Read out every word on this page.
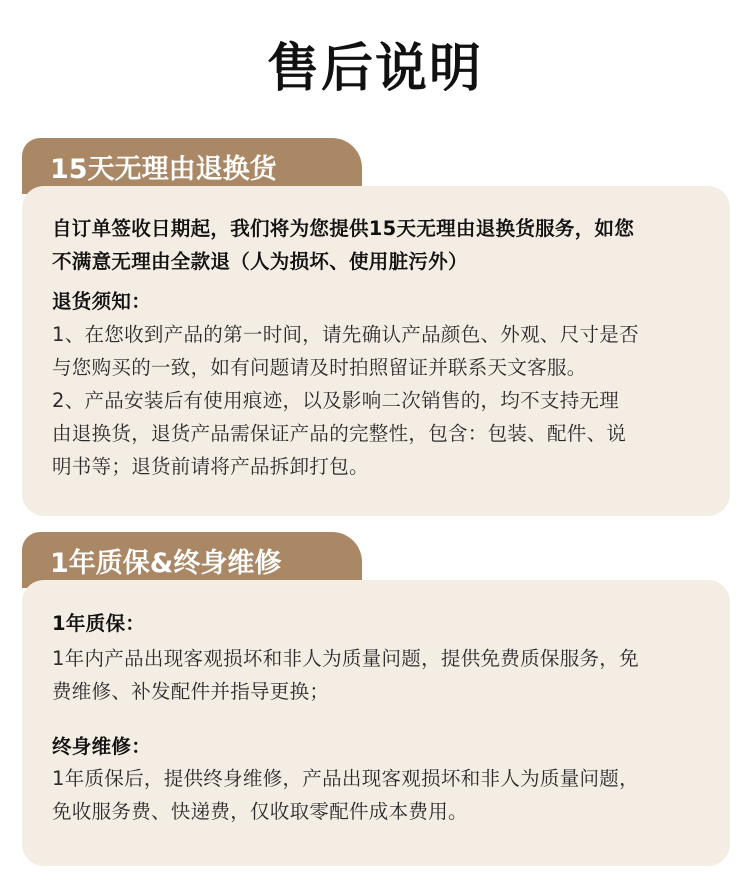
售后说明
15天无理由退换货
自订单签收日期起，我们将为您提供15天无理由退换货服务，如您
不满意无理由全款退（人为损坏、使用脏污外）
退货须知：
1、在您收到产品的第一时间，请先确认产品颜色、外观、尺寸是否
与您购买的一致，如有问题请及时拍照留证并联系天文客服。
2、产品安装后有使用痕迹，以及影响二次销售的，均不支持无理
由退换货，退货产品需保证产品的完整性，包含：包装、配件、说
明书等；退货前请将产品拆卸打包。
1年质保&终身维修
1年质保：
1年内产品出现客观损坏和非人为质量问题，提供免费质保服务，免
费维修、补发配件并指导更换；
终身维修：
1年质保后，提供终身维修，产品出现客观损坏和非人为质量问题，
免收服务费、快递费，仅收取零配件成本费用。
